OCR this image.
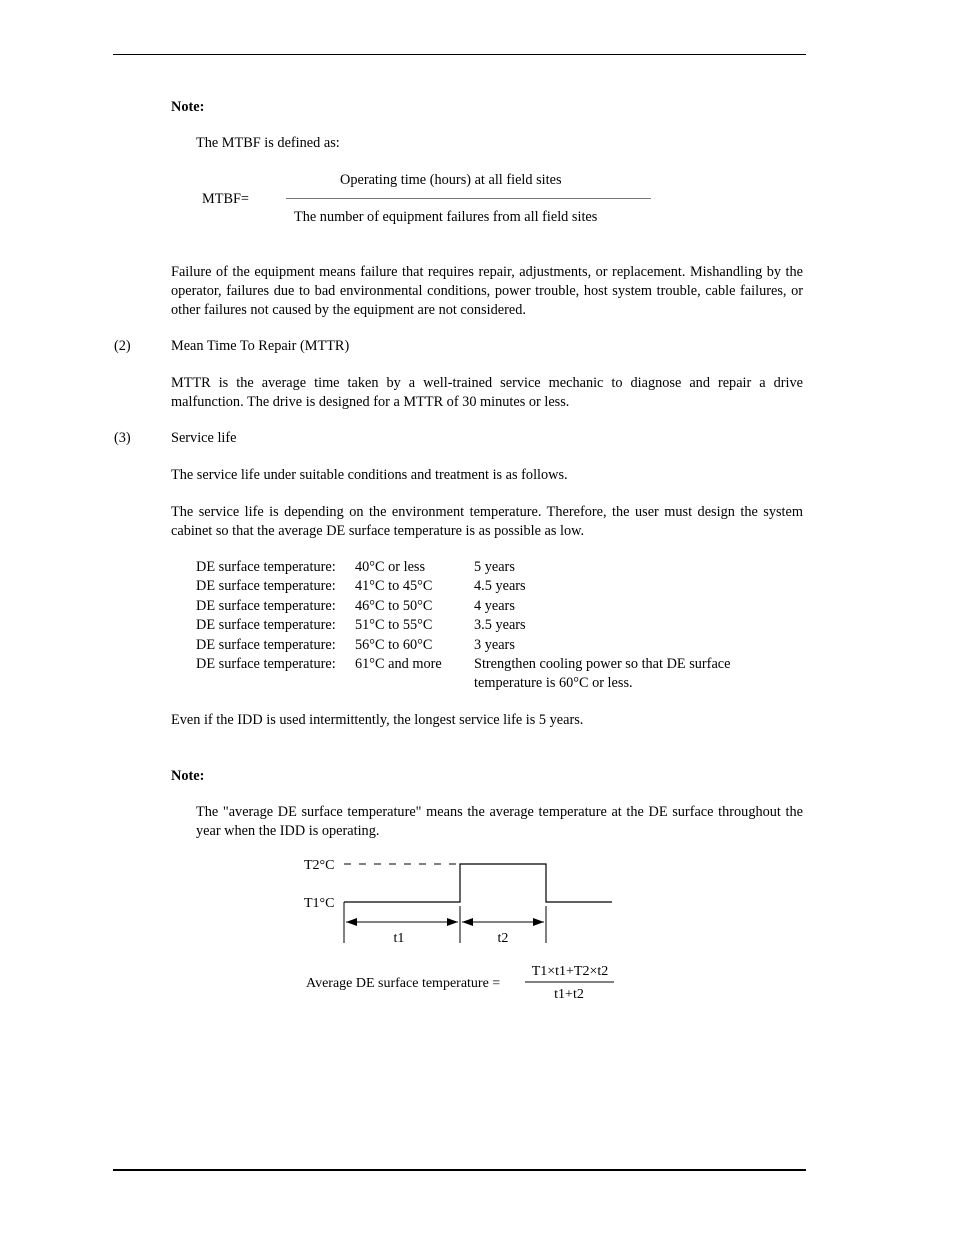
Note:
The MTBF is defined as:
MTBF=
Operating time (hours) at all field sites
The number of equipment failures from all field sites
Failure of the equipment means failure that requires repair, adjustments, or replacement. Mishandling by the operator, failures due to bad environmental conditions, power trouble, host system trouble, cable failures, or other failures not caused by the equipment are not considered.
(2)	Mean Time To Repair (MTTR)
MTTR is the average time taken by a well-trained service mechanic to diagnose and repair a drive malfunction. The drive is designed for a MTTR of 30 minutes or less.
(3)	Service life
The service life under suitable conditions and treatment is as follows.
The service life is depending on the environment temperature. Therefore, the user must design the system cabinet so that the average DE surface temperature is as possible as low.
DE surface temperature:	40°C or less	5 years
DE surface temperature:	41°C to 45°C	4.5 years
DE surface temperature:	46°C to 50°C	4 years
DE surface temperature:	51°C to 55°C	3.5 years
DE surface temperature:	56°C to 60°C	3 years
DE surface temperature:	61°C and more	Strengthen cooling power so that DE surface temperature is 60°C or less.
Even if the IDD is used intermittently, the longest service life is 5 years.
Note:
The "average DE surface temperature" means the average temperature at the DE surface throughout the year when the IDD is operating.
T2°C
T1°C
t1	t2
Average DE surface temperature =
T1×t1+T2×t2
t1+t2
